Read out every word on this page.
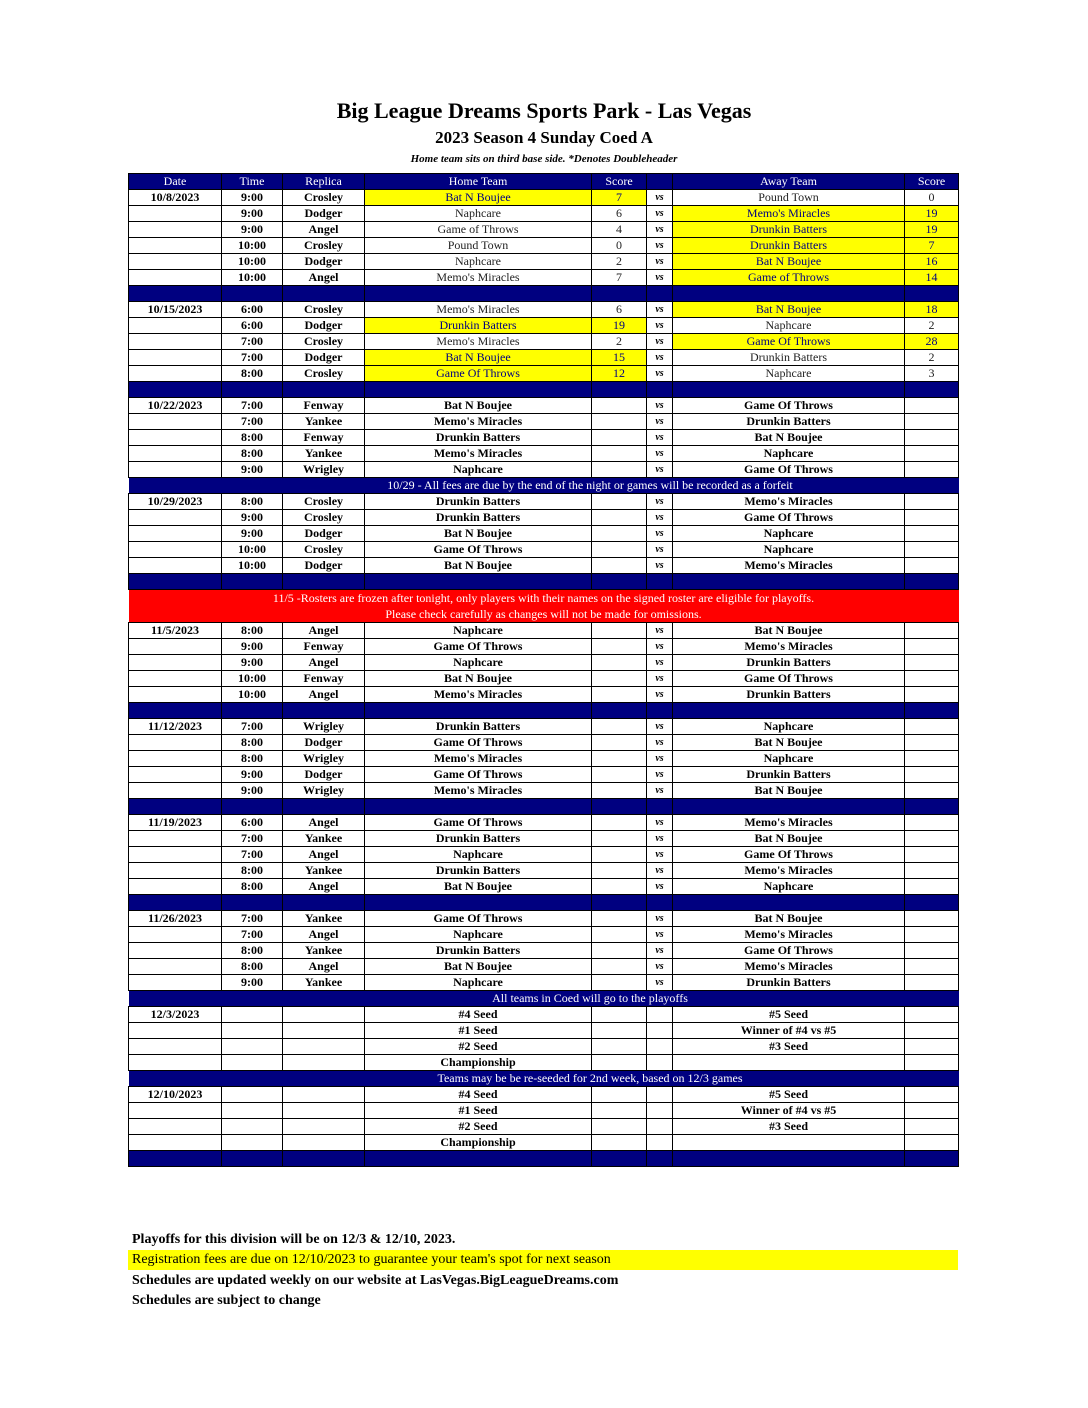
Big League Dreams Sports Park - Las Vegas
2023 Season 4 Sunday Coed A
Home team sits on third base side. *Denotes Doubleheader
Date	Time	Replica	Home Team	Score		Away Team	Score
10/8/2023	9:00	Crosley	Bat N Boujee	7	vs	Pound Town	0
	9:00	Dodger	Naphcare	6	vs	Memo's Miracles	19
	9:00	Angel	Game of Throws	4	vs	Drunkin Batters	19
	10:00	Crosley	Pound Town	0	vs	Drunkin Batters	7
	10:00	Dodger	Naphcare	2	vs	Bat N Boujee	16
	10:00	Angel	Memo's Miracles	7	vs	Game of Throws	14

10/15/2023	6:00	Crosley	Memo's Miracles	6	vs	Bat N Boujee	18
	6:00	Dodger	Drunkin Batters	19	vs	Naphcare	2
	7:00	Crosley	Memo's Miracles	2	vs	Game Of Throws	28
	7:00	Dodger	Bat N Boujee	15	vs	Drunkin Batters	2
	8:00	Crosley	Game Of Throws	12	vs	Naphcare	3

10/22/2023	7:00	Fenway	Bat N Boujee		vs	Game Of Throws	
	7:00	Yankee	Memo's Miracles		vs	Drunkin Batters	
	8:00	Fenway	Drunkin Batters		vs	Bat N Boujee	
	8:00	Yankee	Memo's Miracles		vs	Naphcare	
	9:00	Wrigley	Naphcare		vs	Game Of Throws	
	10/29 - All fees are due by the end of the night or games will be recorded as a forfeit						
10/29/2023	8:00	Crosley	Drunkin Batters		vs	Memo's Miracles	
	9:00	Crosley	Drunkin Batters		vs	Game Of Throws	
	9:00	Dodger	Bat N Boujee		vs	Naphcare	
	10:00	Crosley	Game Of Throws		vs	Naphcare	
	10:00	Dodger	Bat N Boujee		vs	Memo's Miracles	

11/5 -Rosters are frozen after tonight, only players with their names on the signed roster are eligible for playoffs.
Please check carefully as changes will not be made for omissions.							

11/5/2023	8:00	Angel	Naphcare		vs	Bat N Boujee	
	9:00	Fenway	Game Of Throws		vs	Memo's Miracles	
	9:00	Angel	Naphcare		vs	Drunkin Batters	
	10:00	Fenway	Bat N Boujee		vs	Game Of Throws	
	10:00	Angel	Memo's Miracles		vs	Drunkin Batters	

11/12/2023	7:00	Wrigley	Drunkin Batters		vs	Naphcare	
	8:00	Dodger	Game Of Throws		vs	Bat N Boujee	
	8:00	Wrigley	Memo's Miracles		vs	Naphcare	
	9:00	Dodger	Game Of Throws		vs	Drunkin Batters	
	9:00	Wrigley	Memo's Miracles		vs	Bat N Boujee	

11/19/2023	6:00	Angel	Game Of Throws		vs	Memo's Miracles	
	7:00	Yankee	Drunkin Batters		vs	Bat N Boujee	
	7:00	Angel	Naphcare		vs	Game Of Throws	
	8:00	Yankee	Drunkin Batters		vs	Memo's Miracles	
	8:00	Angel	Bat N Boujee		vs	Naphcare	

11/26/2023	7:00	Yankee	Game Of Throws		vs	Bat N Boujee	
	7:00	Angel	Naphcare		vs	Memo's Miracles	
	8:00	Yankee	Drunkin Batters		vs	Game Of Throws	
	8:00	Angel	Bat N Boujee		vs	Memo's Miracles	
	9:00	Yankee	Naphcare		vs	Drunkin Batters	
	All teams in Coed will go to the playoffs						
12/3/2023			#4 Seed			#5 Seed	
			#1 Seed			Winner of #4 vs #5	
			#2 Seed			#3 Seed	
			Championship				
	Teams may be be re-seeded for 2nd week, based on 12/3 games						
12/10/2023			#4 Seed			#5 Seed	
			#1 Seed			Winner of #4 vs #5	
			#2 Seed			#3 Seed	
			Championship				

Playoffs for this division will be on 12/3 & 12/10, 2023.
Registration fees are due on 12/10/2023 to guarantee your team's spot for next season
Schedules are updated weekly on our website at LasVegas.BigLeagueDreams.com
Schedules are subject to change
